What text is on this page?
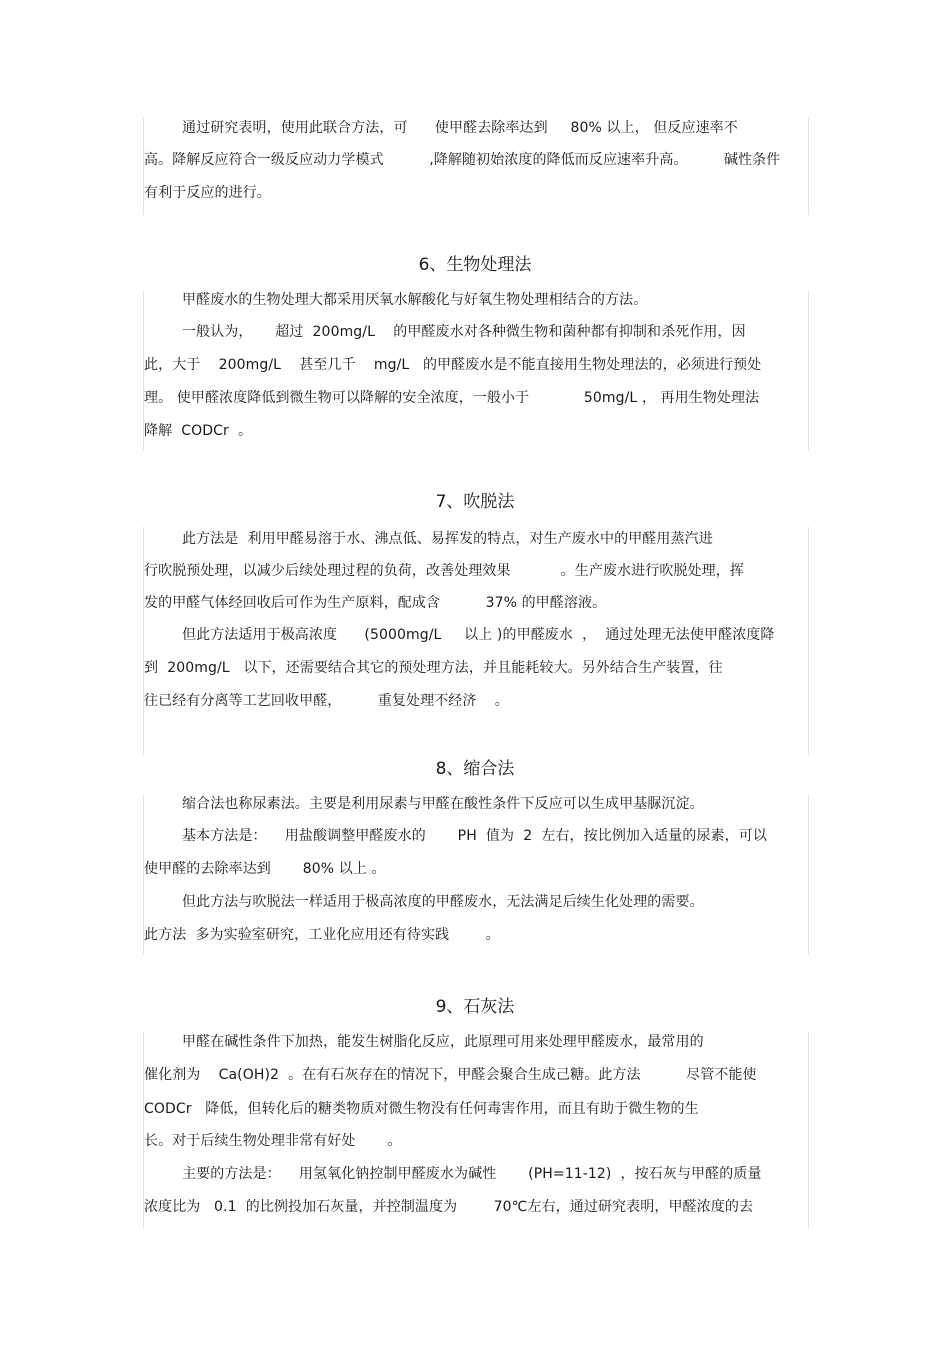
通过研究表明，使用此联合方法，可      使甲醛去除率达到     80% 以上， 但反应速率不
高。降解反应符合一级反应动力学模式          ,降解随初始浓度的降低而反应速率升高。        碱性条件
有利于反应的进行。
6、生物处理法
甲醛废水的生物处理大都采用厌氧水解酸化与好氧生物处理相结合的方法。
一般认为，     超过  200mg/L    的甲醛废水对各种微生物和菌种都有抑制和杀死作用，因
此，大于    200mg/L    甚至几千    mg/L   的甲醛废水是不能直接用生物处理法的，必须进行预处
理。 使甲醛浓度降低到微生物可以降解的安全浓度，一般小于            50mg/L ， 再用生物处理法
降解  CODCr  。
7、吹脱法
此方法是  利用甲醛易溶于水、沸点低、易挥发的特点，对生产废水中的甲醛用蒸汽进
行吹脱预处理，以减少后续处理过程的负荷，改善处理效果           。生产废水进行吹脱处理，挥
发的甲醛气体经回收后可作为生产原料，配成含          37% 的甲醛溶液。
但此方法适用于极高浓度      (5000mg/L     以上 )的甲醛废水  ，  通过处理无法使甲醛浓度降
到  200mg/L   以下，还需要结合其它的预处理方法，并且能耗较大。另外结合生产装置，往
往已经有分离等工艺回收甲醛，        重复处理不经济    。
8、缩合法
缩合法也称尿素法。主要是利用尿素与甲醛在酸性条件下反应可以生成甲基脲沉淀。
基本方法是：    用盐酸调整甲醛废水的       PH  值为  2  左右，按比例加入适量的尿素，可以
使甲醛的去除率达到       80% 以上 。
但此方法与吹脱法一样适用于极高浓度的甲醛废水，无法满足后续生化处理的需要。
此方法  多为实验室研究，工业化应用还有待实践        。
9、石灰法
甲醛在碱性条件下加热，能发生树脂化反应，此原理可用来处理甲醛废水，最常用的
催化剂为    Ca(OH)2  。在有石灰存在的情况下，甲醛会聚合生成己糖。此方法          尽管不能使
CODCr   降低，但转化后的糖类物质对微生物没有任何毒害作用，而且有助于微生物的生
长。对于后续生物处理非常有好处       。
主要的方法是：    用氢氧化钠控制甲醛废水为碱性       (PH=11-12)  ，按石灰与甲醛的质量
浓度比为   0.1  的比例投加石灰量，并控制温度为        70℃左右，通过研究表明，甲醛浓度的去
